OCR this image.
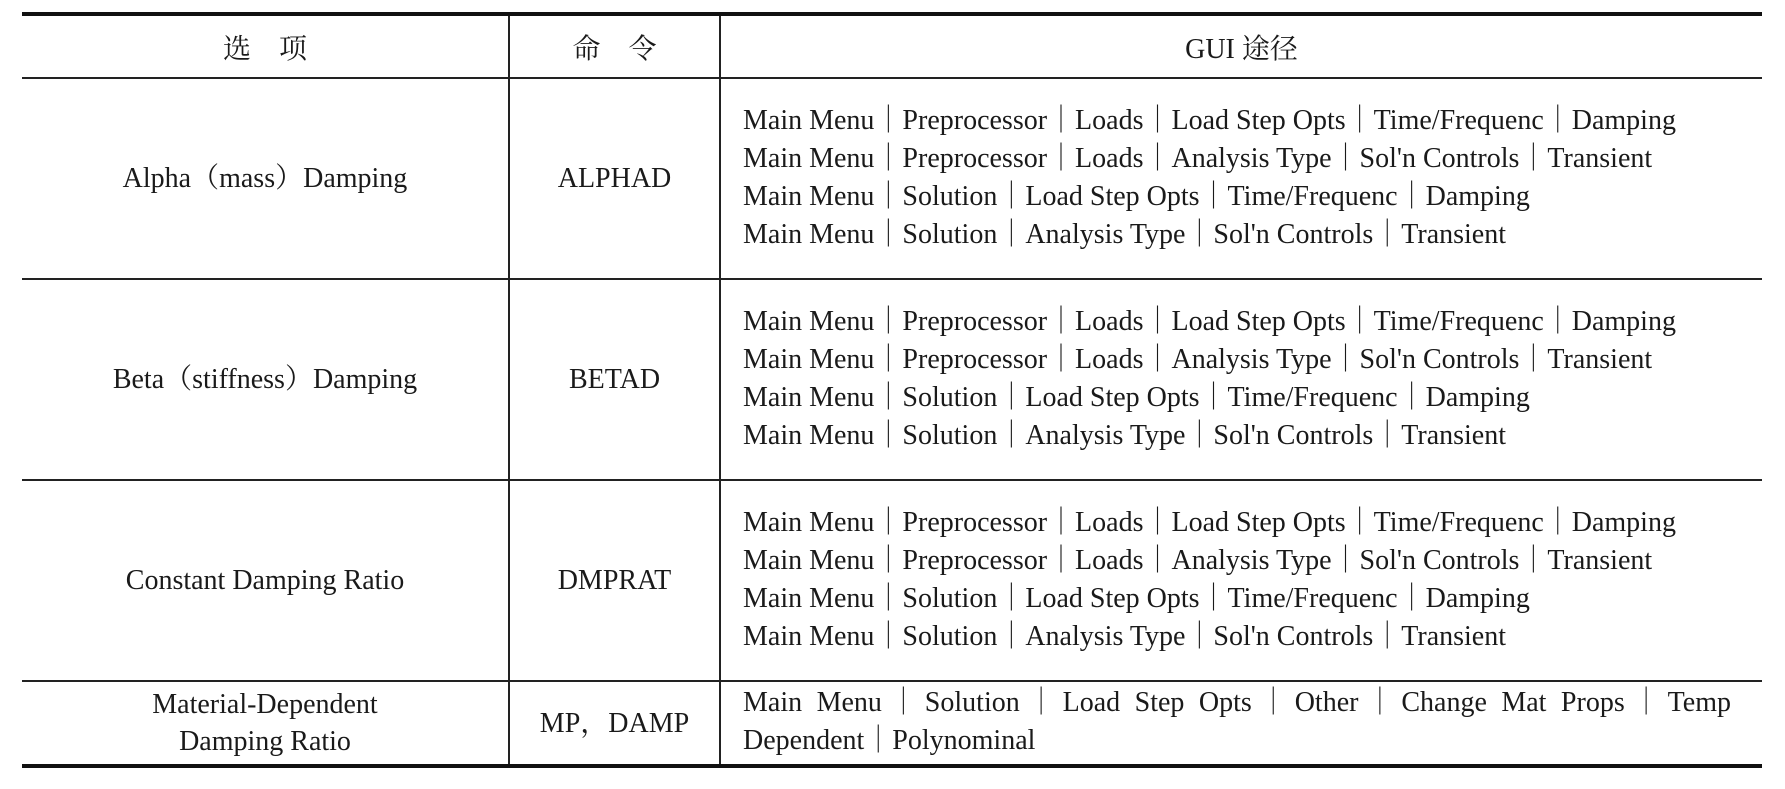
选　项	命　令	GUI 途径
Alpha（mass）Damping	ALPHAD	Main Menu｜Preprocessor｜Loads｜Load Step Opts｜Time/Frequenc｜Damping
Main Menu｜Preprocessor｜Loads｜Analysis Type｜Sol'n Controls｜Transient
Main Menu｜Solution｜Load Step Opts｜Time/Frequenc｜Damping
Main Menu｜Solution｜Analysis Type｜Sol'n Controls｜Transient

Beta（stiffness）Damping	BETAD	Main Menu｜Preprocessor｜Loads｜Load Step Opts｜Time/Frequenc｜Damping
Main Menu｜Preprocessor｜Loads｜Analysis Type｜Sol'n Controls｜Transient
Main Menu｜Solution｜Load Step Opts｜Time/Frequenc｜Damping
Main Menu｜Solution｜Analysis Type｜Sol'n Controls｜Transient

Constant Damping Ratio	DMPRAT	Main Menu｜Preprocessor｜Loads｜Load Step Opts｜Time/Frequenc｜Damping
Main Menu｜Preprocessor｜Loads｜Analysis Type｜Sol'n Controls｜Transient
Main Menu｜Solution｜Load Step Opts｜Time/Frequenc｜Damping
Main Menu｜Solution｜Analysis Type｜Sol'n Controls｜Transient

Material-Dependent
Damping Ratio	MP，DAMP	Main Menu｜Solution｜Load Step Opts｜Other｜Change Mat Props｜Temp Dependent｜Polynominal
